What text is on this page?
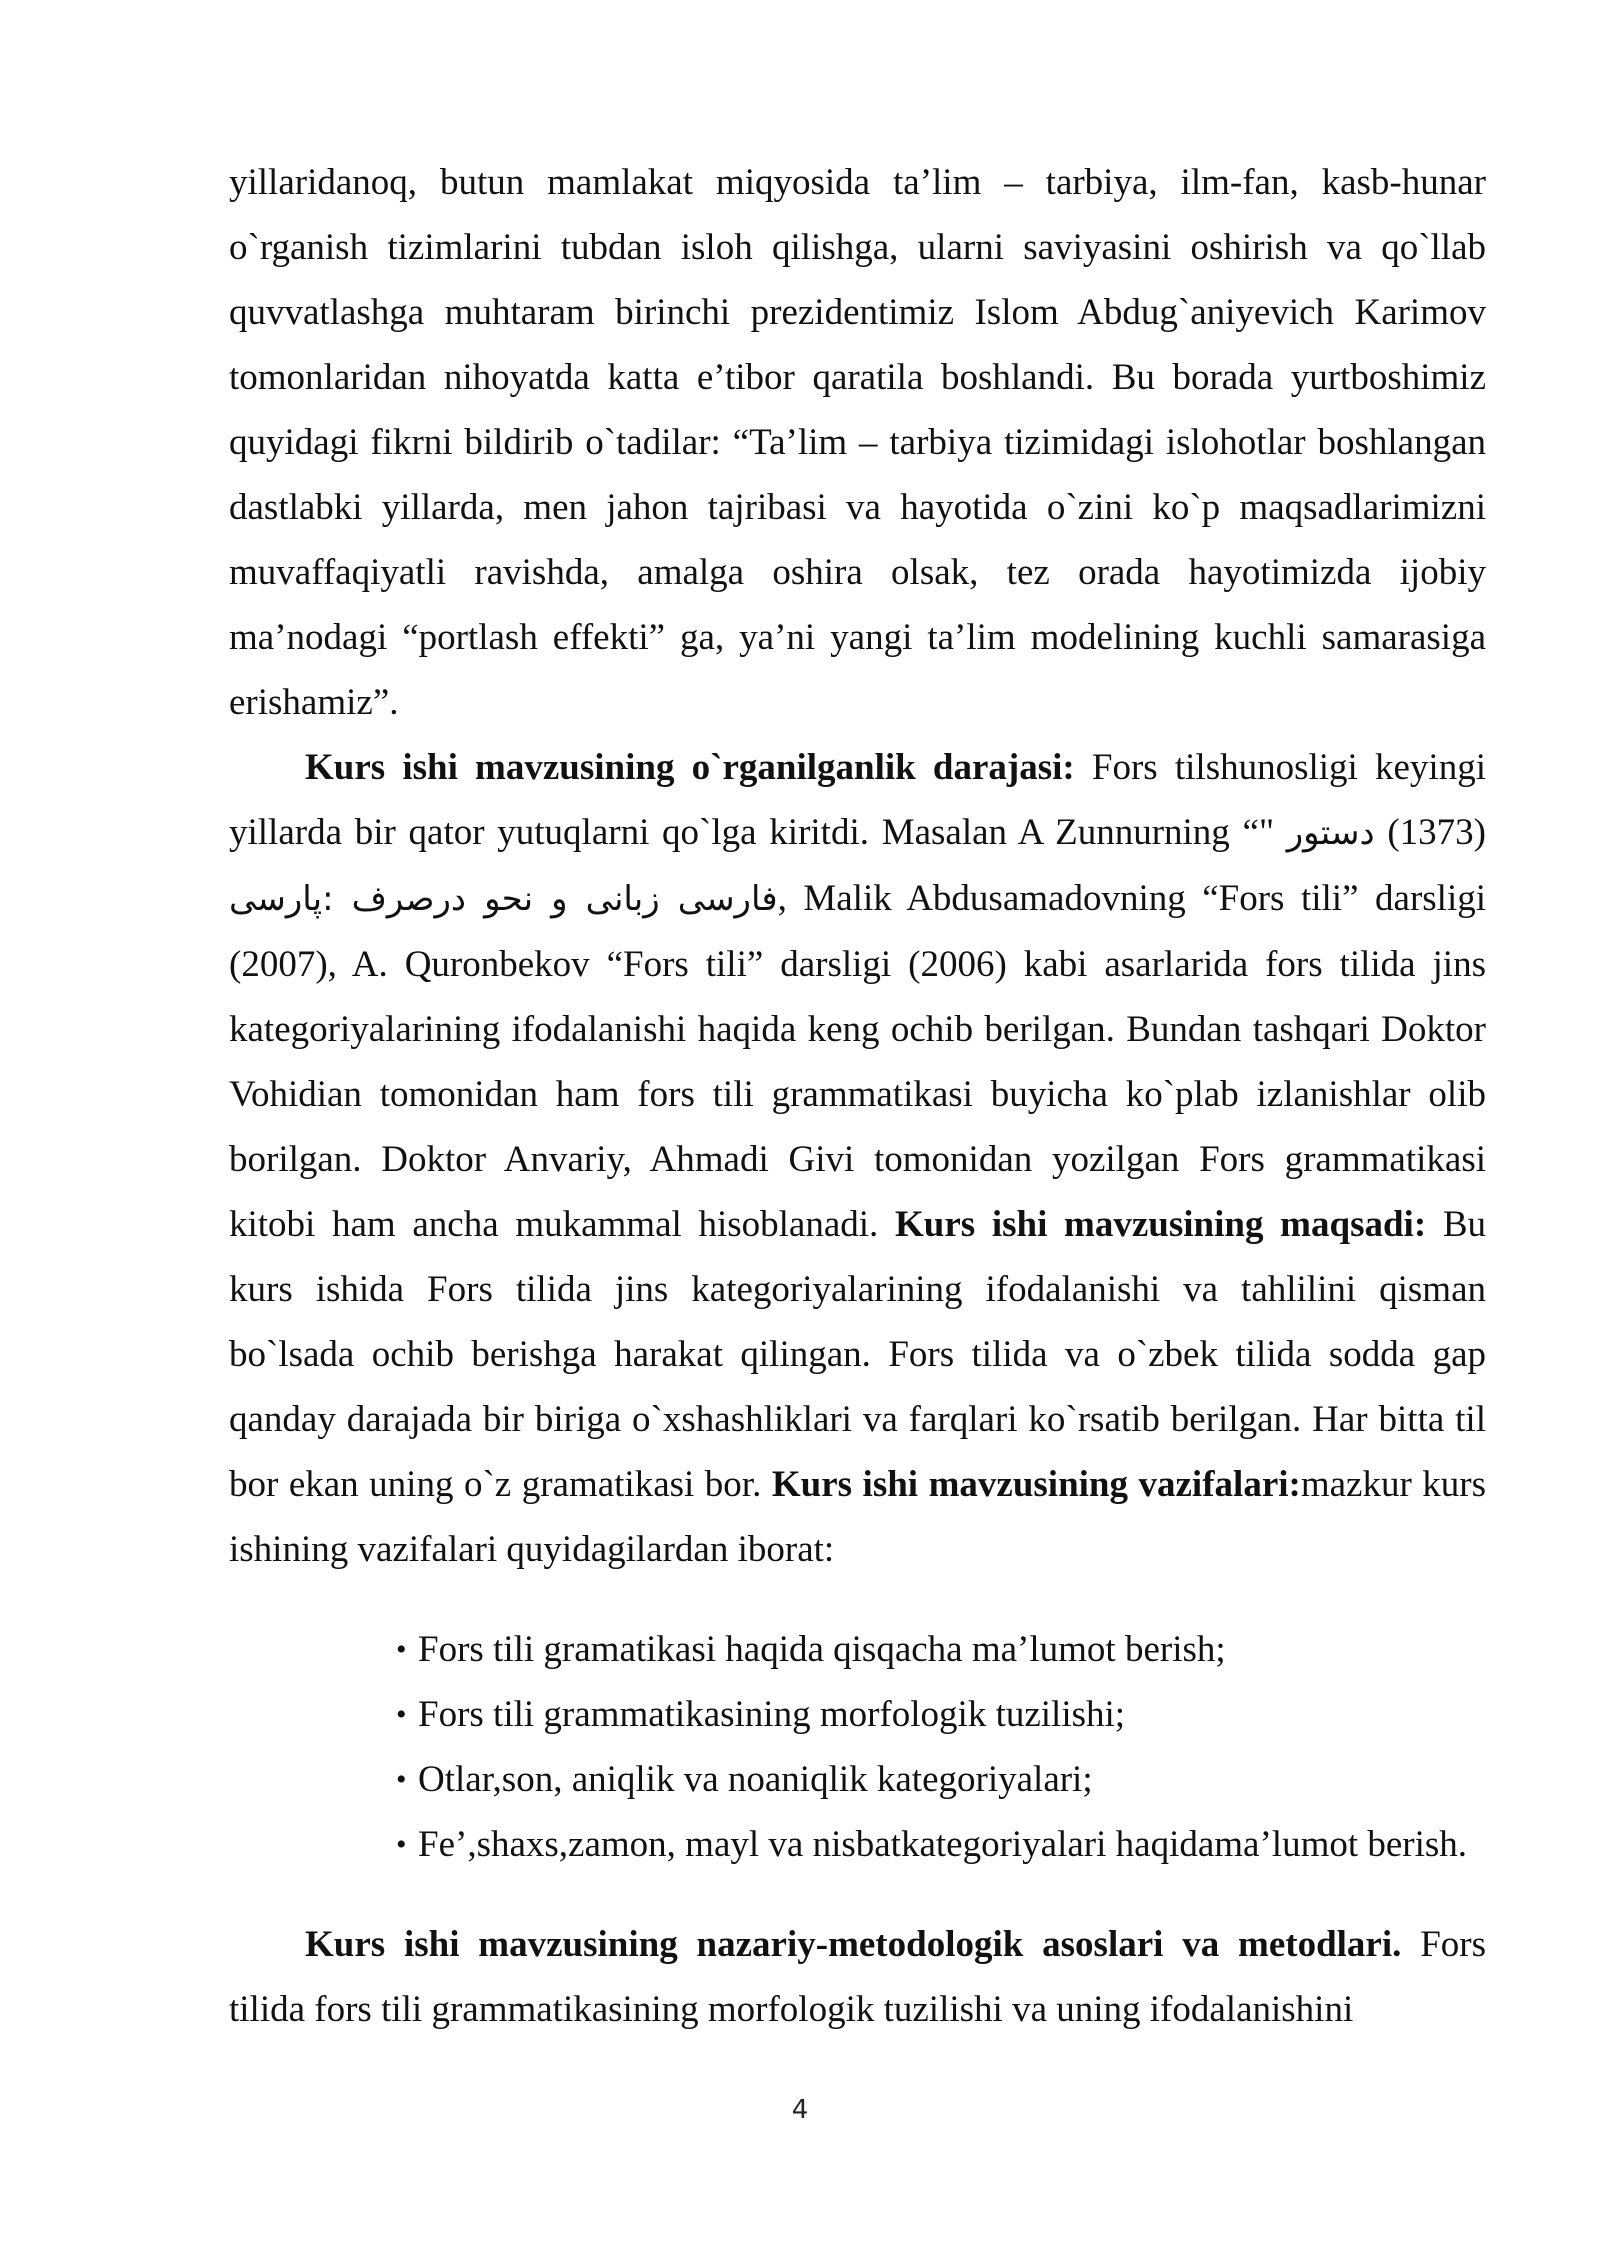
yillaridanoq, butun mamlakat miqyosida ta’lim – tarbiya, ilm-fan, kasb-hunar o`rganish tizimlarini tubdan isloh qilishga, ularni saviyasini oshirish va qo`llab quvvatlashga muhtaram birinchi prezidentimiz Islom Abdug`aniyevich Karimov tomonlaridan nihoyatda katta e’tibor qaratila boshlandi. Bu borada yurtboshimiz quyidagi fikrni bildirib o`tadilar: “Ta’lim – tarbiya tizimidagi islohotlar boshlangan dastlabki yillarda, men jahon tajribasi va hayotida o`zini ko`p maqsadlarimizni muvaffaqiyatli ravishda, amalga oshira olsak, tez orada hayotimizda ijobiy ma’nodagi “portlash effekti” ga, ya’ni yangi ta’lim modelining kuchli samarasiga erishamiz”.

Kurs ishi mavzusining o`rganilganlik darajasi: Fors tilshunosligi keyingi yillarda bir qator yutuqlarni qo`lga kiritdi. Masalan A Zunnurning “" دستور (1373) فارسی زبانی و نحو درصرف :پارسی, Malik Abdusamadovning “Fors tili” darsligi (2007), A. Quronbekov “Fors tili” darsligi (2006) kabi asarlarida fors tilida jins kategoriyalarining ifodalanishi haqida keng ochib berilgan. Bundan tashqari Doktor Vohidian tomonidan ham fors tili grammatikasi buyicha ko`plab izlanishlar olib borilgan. Doktor Anvariy, Ahmadi Givi tomonidan yozilgan Fors grammatikasi kitobi ham ancha mukammal hisoblanadi. Kurs ishi mavzusining maqsadi: Bu kurs ishida Fors tilida jins kategoriyalarining ifodalanishi va tahlilini qisman bo`lsada ochib berishga harakat qilingan. Fors tilida va o`zbek tilida sodda gap qanday darajada bir biriga o`xshashliklari va farqlari ko`rsatib berilgan. Har bitta til bor ekan uning o`z gramatikasi bor. Kurs ishi mavzusining vazifalari:mazkur kurs ishining vazifalari quyidagilardan iborat:

• Fors tili gramatikasi haqida qisqacha ma’lumot berish;
• Fors tili grammatikasining morfologik tuzilishi;
• Otlar,son, aniqlik va noaniqlik kategoriyalari;
• Fe’,shaxs,zamon, mayl va nisbatkategoriyalari haqidama’lumot berish.

Kurs ishi mavzusining nazariy-metodologik asoslari va metodlari. Fors tilida fors tili grammatikasining morfologik tuzilishi va uning ifodalanishini

4
